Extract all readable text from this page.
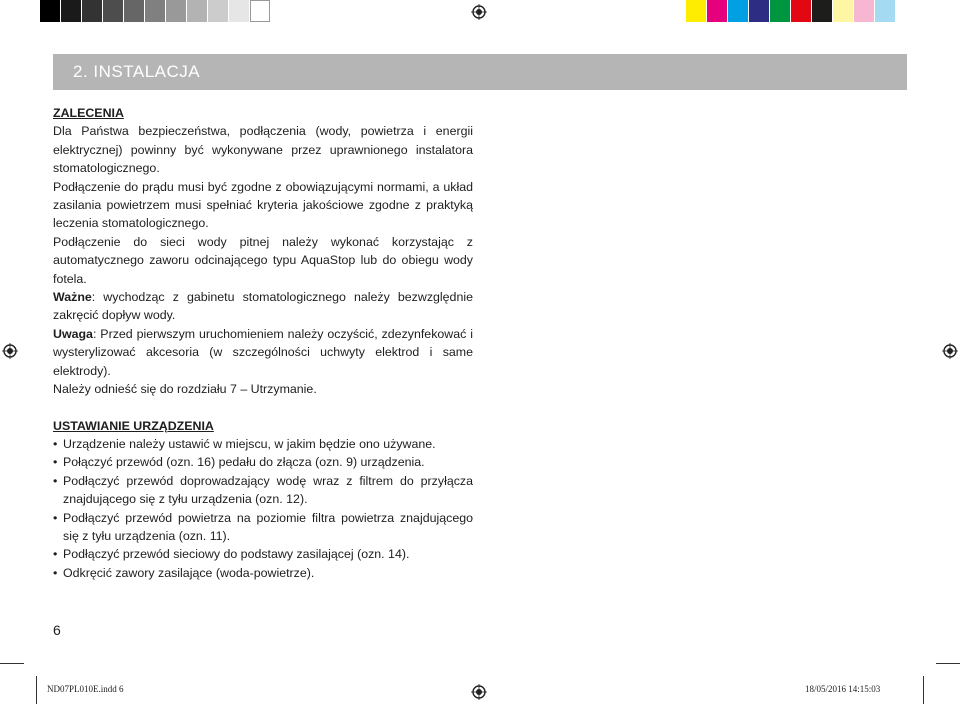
2. INSTALACJA

ZALECENIA

Dla Państwa bezpieczeństwa, podłączenia (wody, powietrza i energii elektrycznej) powinny być wykonywane przez uprawnionego instalatora stomatologicznego.

Podłączenie do prądu musi być zgodne z obowiązującymi normami, a układ zasilania powietrzem musi spełniać kryteria jakościowe zgodne z praktyką leczenia stomatologicznego.

Podłączenie do sieci wody pitnej należy wykonać korzystając z automatycznego zaworu odcinającego typu AquaStop lub do obiegu wody fotela.

Ważne: wychodząc z gabinetu stomatologicznego należy bezwzględnie zakręcić dopływ wody.

Uwaga: Przed pierwszym uruchomieniem należy oczyścić, zdezynfekować i wysterylizować akcesoria (w szczególności uchwyty elektrod i same elektrody).

Należy odnieść się do rozdziału 7 – Utrzymanie.

USTAWIANIE URZĄDZENIA

• Urządzenie należy ustawić w miejscu, w jakim będzie ono używane.

• Połączyć przewód (ozn. 16) pedału do złącza (ozn. 9) urządzenia.

• Podłączyć przewód doprowadzający wodę wraz z filtrem do przyłącza znajdującego się z tyłu urządzenia (ozn. 12).

• Podłączyć przewód powietrza na poziomie filtra powietrza znajdującego się z tyłu urządzenia (ozn. 11).

• Podłączyć przewód sieciowy do podstawy zasilającej (ozn. 14).

• Odkręcić zawory zasilające (woda-powietrze).

6
ND07PL010E.indd 6	18/05/2016 14:15:03
